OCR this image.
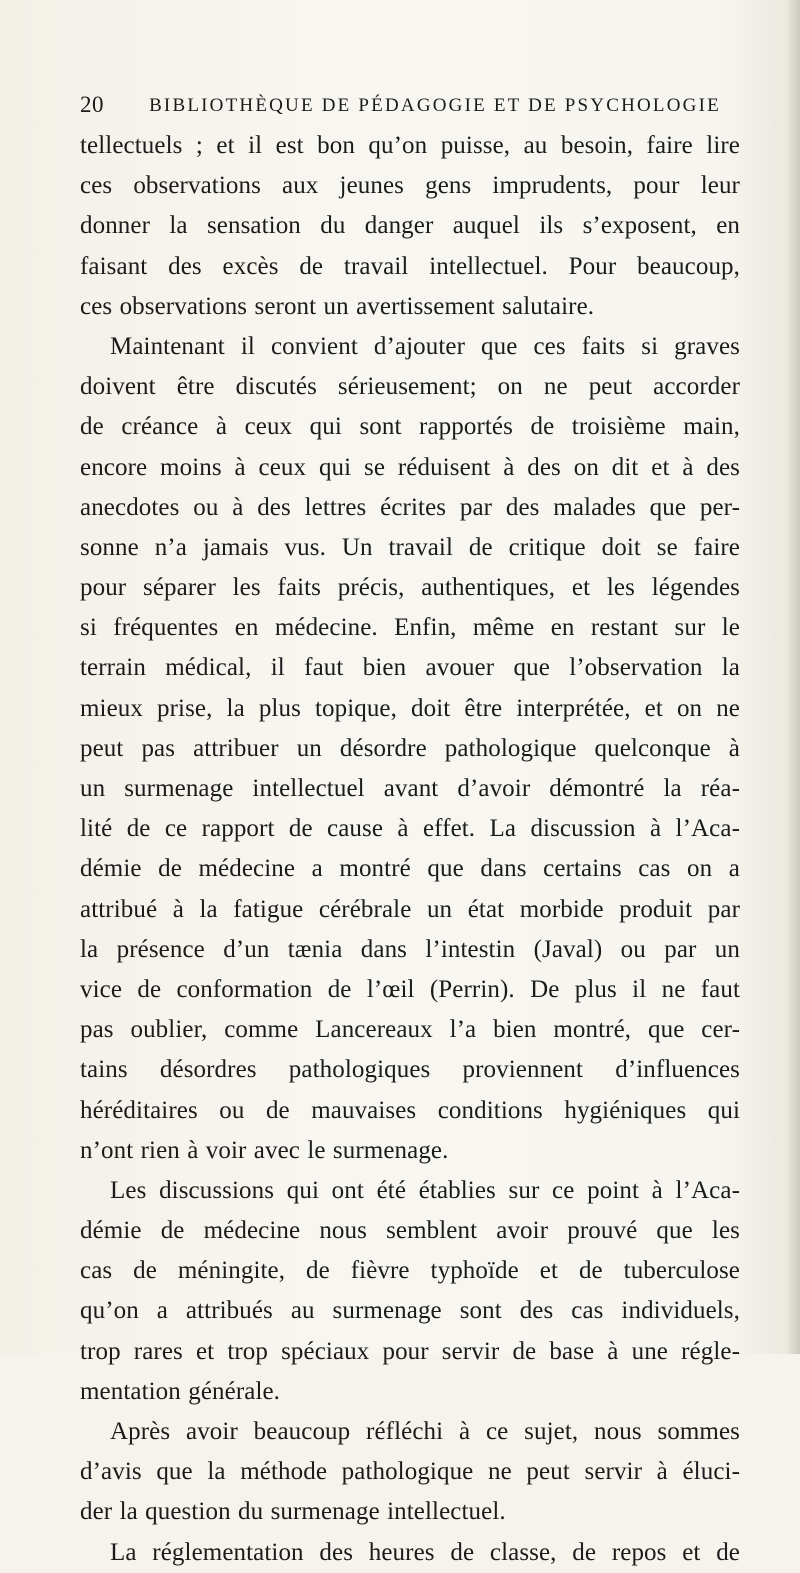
20	BIBLIOTHÈQUE DE PÉDAGOGIE ET DE PSYCHOLOGIE
tellectuels ; et il est bon qu’on puisse, au besoin, faire lire
ces observations aux jeunes gens imprudents, pour leur
donner la sensation du danger auquel ils s’exposent, en
faisant des excès de travail intellectuel. Pour beaucoup,
ces observations seront un avertissement salutaire.
Maintenant il convient d’ajouter que ces faits si graves
doivent être discutés sérieusement; on ne peut accorder
de créance à ceux qui sont rapportés de troisième main,
encore moins à ceux qui se réduisent à des on dit et à des
anecdotes ou à des lettres écrites par des malades que per-
sonne n’a jamais vus. Un travail de critique doit se faire
pour séparer les faits précis, authentiques, et les légendes
si fréquentes en médecine. Enfin, même en restant sur le
terrain médical, il faut bien avouer que l’observation la
mieux prise, la plus topique, doit être interprétée, et on ne
peut pas attribuer un désordre pathologique quelconque à
un surmenage intellectuel avant d’avoir démontré la réa-
lité de ce rapport de cause à effet. La discussion à l’Aca-
démie de médecine a montré que dans certains cas on a
attribué à la fatigue cérébrale un état morbide produit par
la présence d’un tænia dans l’intestin (Javal) ou par un
vice de conformation de l’œil (Perrin). De plus il ne faut
pas oublier, comme Lancereaux l’a bien montré, que cer-
tains désordres pathologiques proviennent d’influences
héréditaires ou de mauvaises conditions hygiéniques qui
n’ont rien à voir avec le surmenage.
Les discussions qui ont été établies sur ce point à l’Aca-
démie de médecine nous semblent avoir prouvé que les
cas de méningite, de fièvre typhoïde et de tuberculose
qu’on a attribués au surmenage sont des cas individuels,
trop rares et trop spéciaux pour servir de base à une régle-
mentation générale.
Après avoir beaucoup réfléchi à ce sujet, nous sommes
d’avis que la méthode pathologique ne peut servir à éluci-
der la question du surmenage intellectuel.
La réglementation des heures de classe, de repos et de
